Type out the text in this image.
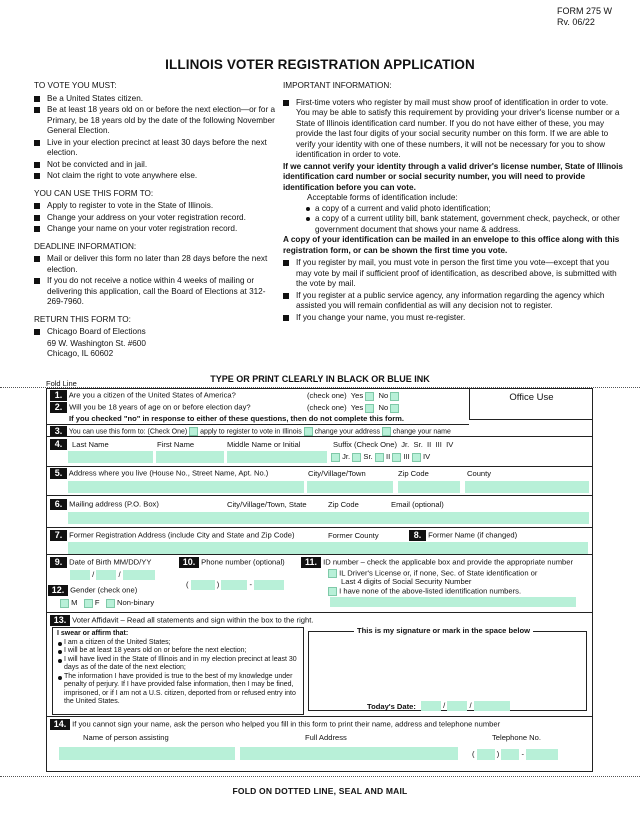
FORM 275 W
Rv. 06/22
ILLINOIS VOTER REGISTRATION APPLICATION
TO VOTE YOU MUST:
Be a United States citizen.
Be at least 18 years old on or before the next election—or for a Primary, be 18 years old by the date of the following November General Election.
Live in your election precinct at least 30 days before the next election.
Not be convicted and in jail.
Not claim the right to vote anywhere else.
YOU CAN USE THIS FORM TO:
Apply to register to vote in the State of Illinois.
Change your address on your voter registration record.
Change your name on your voter registration record.
DEADLINE INFORMATION:
Mail or deliver this form no later than 28 days before the next election.
If you do not receive a notice within 4 weeks of mailing or delivering this application, call the Board of Elections at 312-269-7960.
RETURN THIS FORM TO:
Chicago Board of Elections
69 W. Washington St. #600
Chicago, IL 60602
IMPORTANT INFORMATION:
First-time voters who register by mail must show proof of identification in order to vote. You may be able to satisfy this requirement by providing your driver's license number or a State of Illinois identification card number. If you do not have either of these, you may provide the last four digits of your social security number on this form. If we are able to verify your identity with one of these numbers, it will not be necessary for you to show identification in order to vote.
If we cannot verify your identity through a valid driver's license number, State of Illinois identification card number or social security number, you will need to provide identification before you can vote.
Acceptable forms of identification include:
a copy of a current and valid photo identification;
a copy of a current utility bill, bank statement, government check, paycheck, or other government document that shows your name & address.
A copy of your identification can be mailed in an envelope to this office along with this registration form, or can be shown the first time you vote.
If you register by mail, you must vote in person the first time you vote—except that you may vote by mail if sufficient proof of identification, as described above, is submitted with the vote by mail.
If you register at a public service agency, any information regarding the agency which assisted you will remain confidential as will any decision not to register.
If you change your name, you must re-register.
Fold Line	TYPE OR PRINT CLEARLY IN BLACK OR BLUE INK
Office Use
1. Are you a citizen of the United States of America?	(check one) Yes No
2. Will you be 18 years of age on or before election day?	(check one) Yes No
If you checked "no" in response to either of these questions, then do not complete this form.
3. You can use this form to: (Check One) apply to register to vote in Illinois change your address change your name
4.	Last Name	First Name	Middle Name or Initial	Suffix (Check One) Jr. Sr. II III IV
Jr. Sr. II III IV
5. Address where you live (House No., Street Name, Apt. No.)	City/Village/Town	Zip Code	County
6. Mailing address (P.O. Box)	City/Village/Town, State	Zip Code	Email (optional)
7. Former Registration Address (include City and State and Zip Code)	Former County	8. Former Name (if changed)
9. Date of Birth MM/DD/YY
/	/
10. Phone number (optional)
(	)	-
11. ID number – check the applicable box and provide the appropriate number
IL Driver's License or, if none, Sec. of State identification or
Last 4 digits of Social Security Number
I have none of the above-listed identification numbers.
12. Gender (check one)
M F Non-binary
13. Voter Affidavit – Read all statements and sign within the box to the right.
I swear or affirm that:
I am a citizen of the United States;
I will be at least 18 years old on or before the next election;
I will have lived in the State of Illinois and in my election precinct at least 30 days as of the date of the next election;
The information I have provided is true to the best of my knowledge under penalty of perjury. If I have provided false information, then I may be fined, imprisoned, or if I am not a U.S. citizen, deported from or refused entry into the United States.
This is my signature or mark in the space below
Today's Date:	/	/
14. If you cannot sign your name, ask the person who helped you fill in this form to print their name, address and telephone number
Name of person assisting	Full Address	Telephone No.
(  )  -
FOLD ON DOTTED LINE, SEAL AND MAIL
